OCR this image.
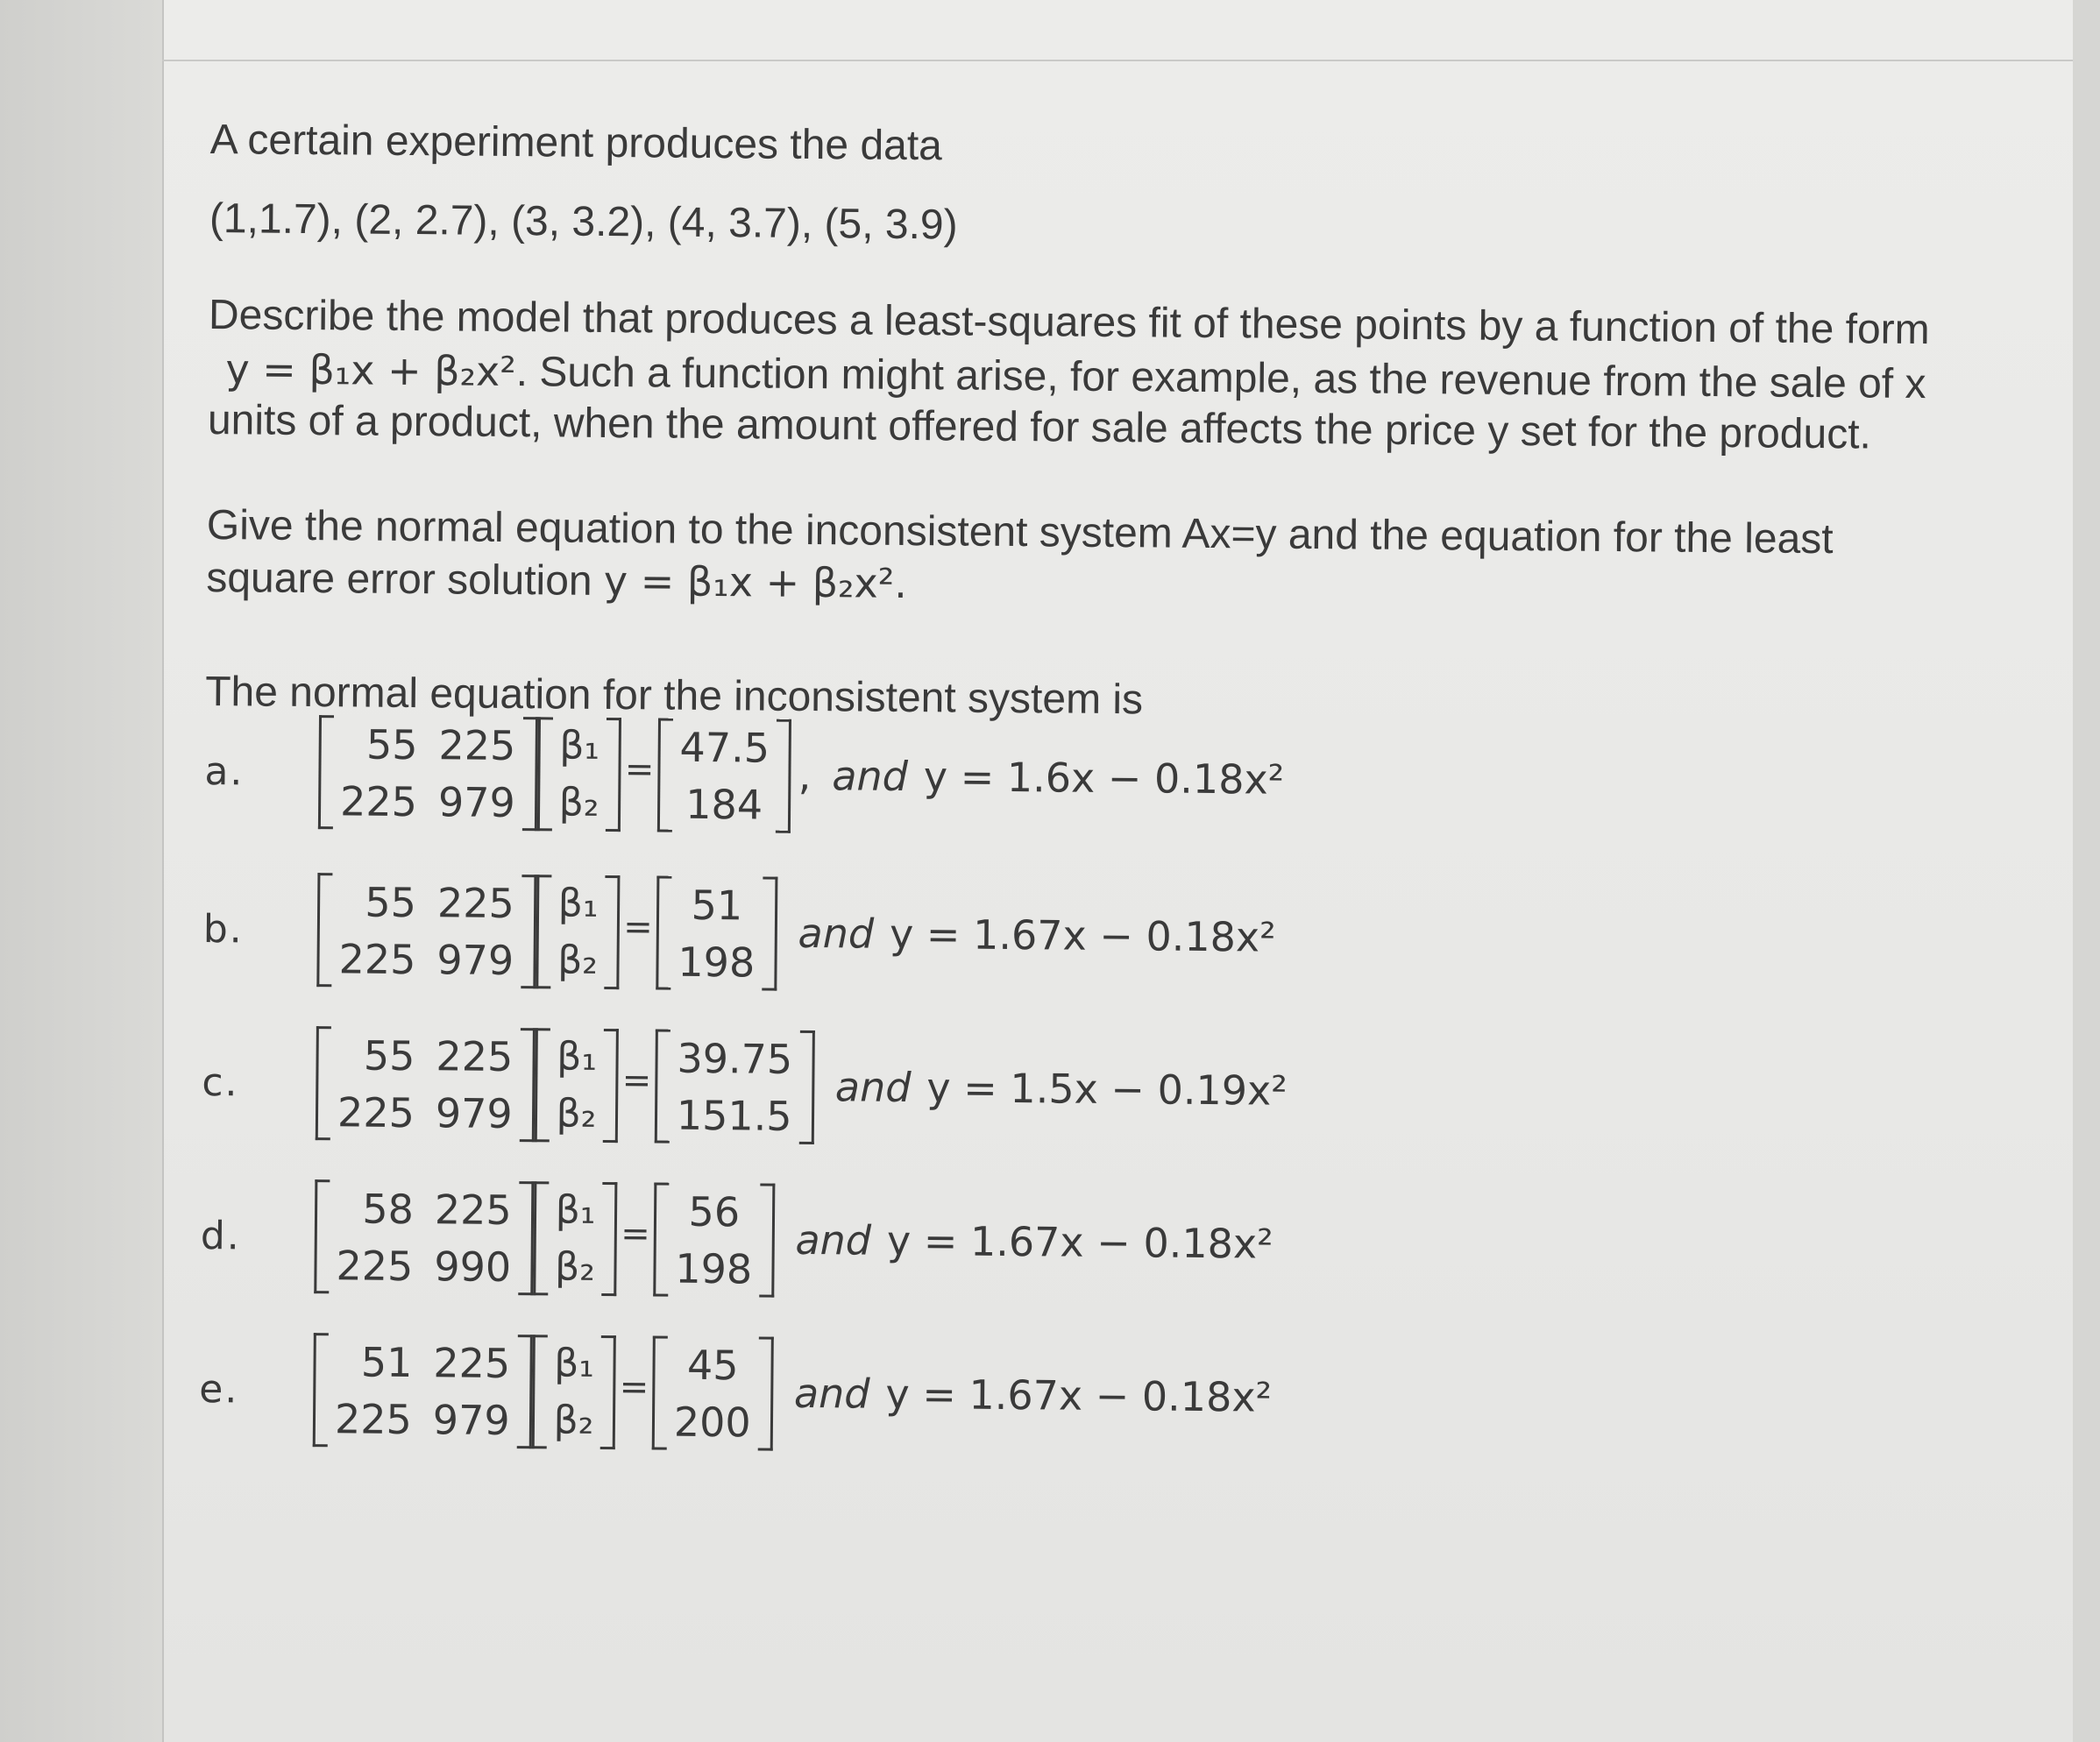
A certain experiment produces the data
(1,1.7), (2, 2.7), (3, 3.2), (4, 3.7), (5, 3.9)
Describe the model that produces a least-squares fit of these points by a function of the form
y = β₁x + β₂x². Such a function might arise, for example, as the revenue from the sale of x
units of a product, when the amount offered for sale affects the price y set for the product.
Give the normal equation to the inconsistent system Ax=y and the equation for the least
square error solution y = β₁x + β₂x².
The normal equation for the inconsistent system is
a.
55 225
225 979
β₁
β₂
= 47.5
184
, and y = 1.6x − 0.18x²
b.
55 225
225 979
β₁
β₂
= 51
198
and y = 1.67x − 0.18x²
c.
55 225
225 979
β₁
β₂
= 39.75
151.5
and y = 1.5x − 0.19x²
d.
58 225
225 990
β₁
β₂
= 56
198
and y = 1.67x − 0.18x²
e.
51 225
225 979
β₁
β₂
= 45
200
and y = 1.67x − 0.18x²
